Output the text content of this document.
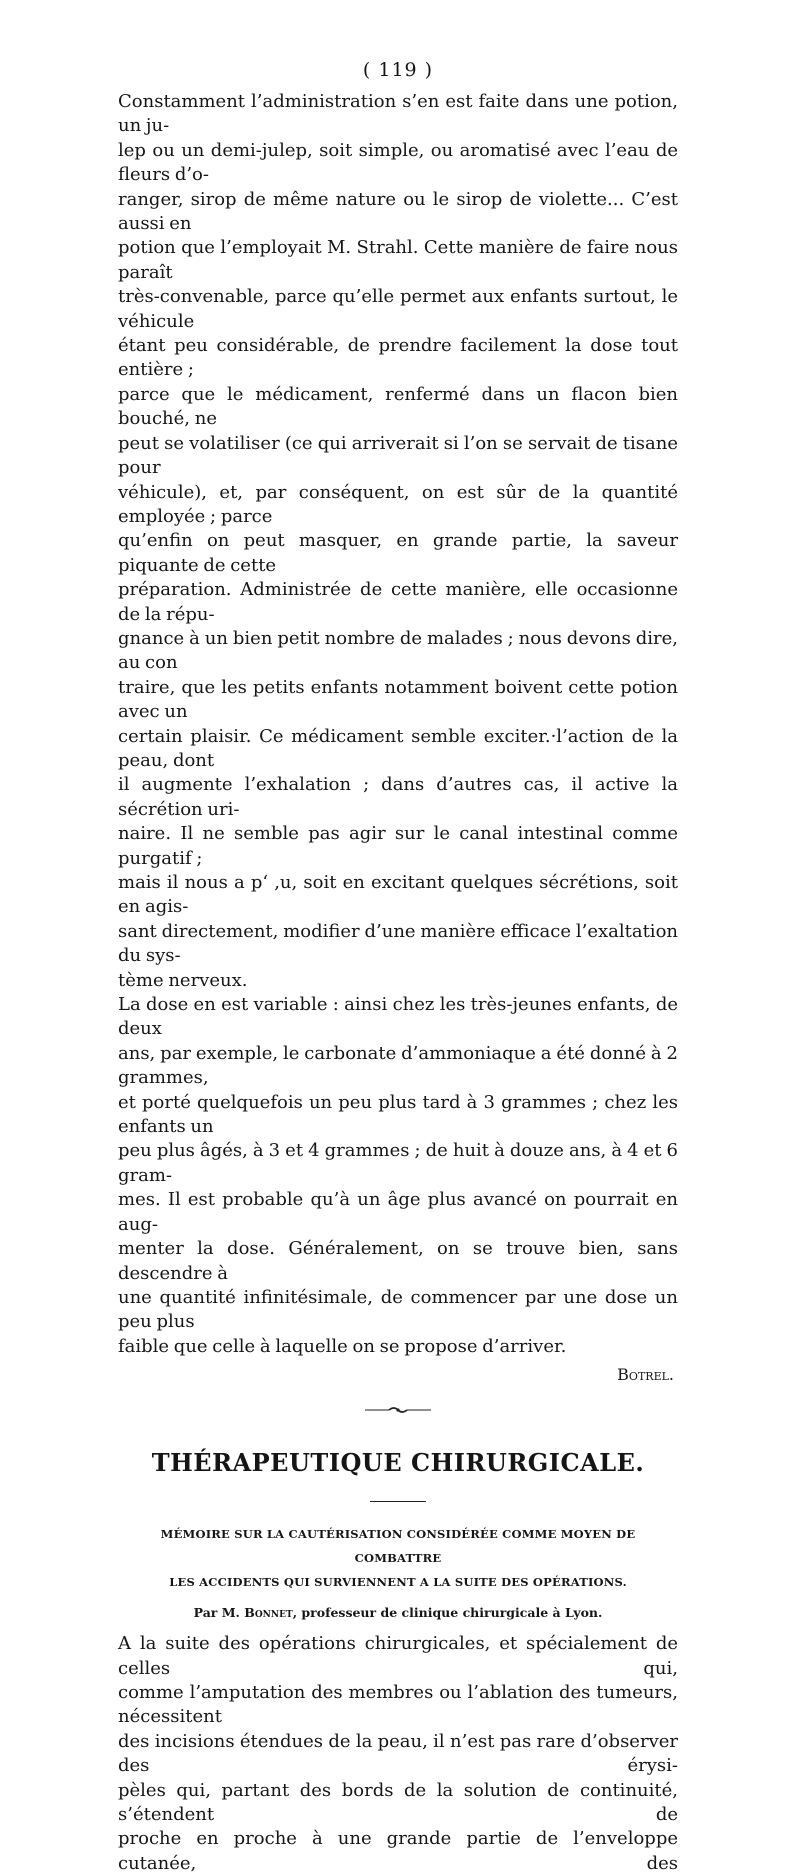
( 119 )

Constamment l’administration s’en est faite dans une potion, un ju-
lep ou un demi-julep, soit simple, ou aromatisé avec l’eau de fleurs d’o-
ranger, sirop de même nature ou le sirop de violette... C’est aussi en
potion que l’employait M. Strahl. Cette manière de faire nous paraît
très-convenable, parce qu’elle permet aux enfants surtout, le véhicule
étant peu considérable, de prendre facilement la dose tout entière ;
parce que le médicament, renfermé dans un flacon bien bouché, ne
peut se volatiliser (ce qui arriverait si l’on se servait de tisane pour
véhicule), et, par conséquent, on est sûr de la quantité employée ; parce
qu’enfin on peut masquer, en grande partie, la saveur piquante de cette
préparation. Administrée de cette manière, elle occasionne de la répu-
gnance à un bien petit nombre de malades ; nous devons dire, au con
traire, que les petits enfants notamment boivent cette potion avec un
certain plaisir. Ce médicament semble exciter.·l’action de la peau, dont
il augmente l’exhalation ; dans d’autres cas, il active la sécrétion uri-
naire. Il ne semble pas agir sur le canal intestinal comme purgatif ;
mais il nous a p‘ ,u, soit en excitant quelques sécrétions, soit en agis-
sant directement, modifier d’une manière efficace l’exaltation du sys-
tème nerveux.

La dose en est variable : ainsi chez les très-jeunes enfants, de deux
ans, par exemple, le carbonate d’ammoniaque a été donné à 2 grammes,
et porté quelquefois un peu plus tard à 3 grammes ; chez les enfants un
peu plus âgés, à 3 et 4 grammes ; de huit à douze ans, à 4 et 6 gram-
mes. Il est probable qu’à un âge plus avancé on pourrait en aug-
menter la dose. Généralement, on se trouve bien, sans descendre à
une quantité infinitésimale, de commencer par une dose un peu plus
faible que celle à laquelle on se propose d’arriver.

Botrel.
THÉRAPEUTIQUE CHIRURGICALE.
MÉMOIRE SUR LA CAUTÉRISATION CONSIDÉRÉE COMME MOYEN DE COMBATTRE
LES ACCIDENTS QUI SURVIENNENT A LA SUITE DES OPÉRATIONS.
Par M. Bonnet, professeur de clinique chirurgicale à Lyon.

A la suite des opérations chirurgicales, et spécialement de celles qui,
comme l’amputation des membres ou l’ablation des tumeurs, nécessitent
des incisions étendues de la peau, il n’est pas rare d’observer des érysi-
pèles qui, partant des bords de la solution de continuité, s’étendent de
proche en proche à une grande partie de l’enveloppe cutanée, des
